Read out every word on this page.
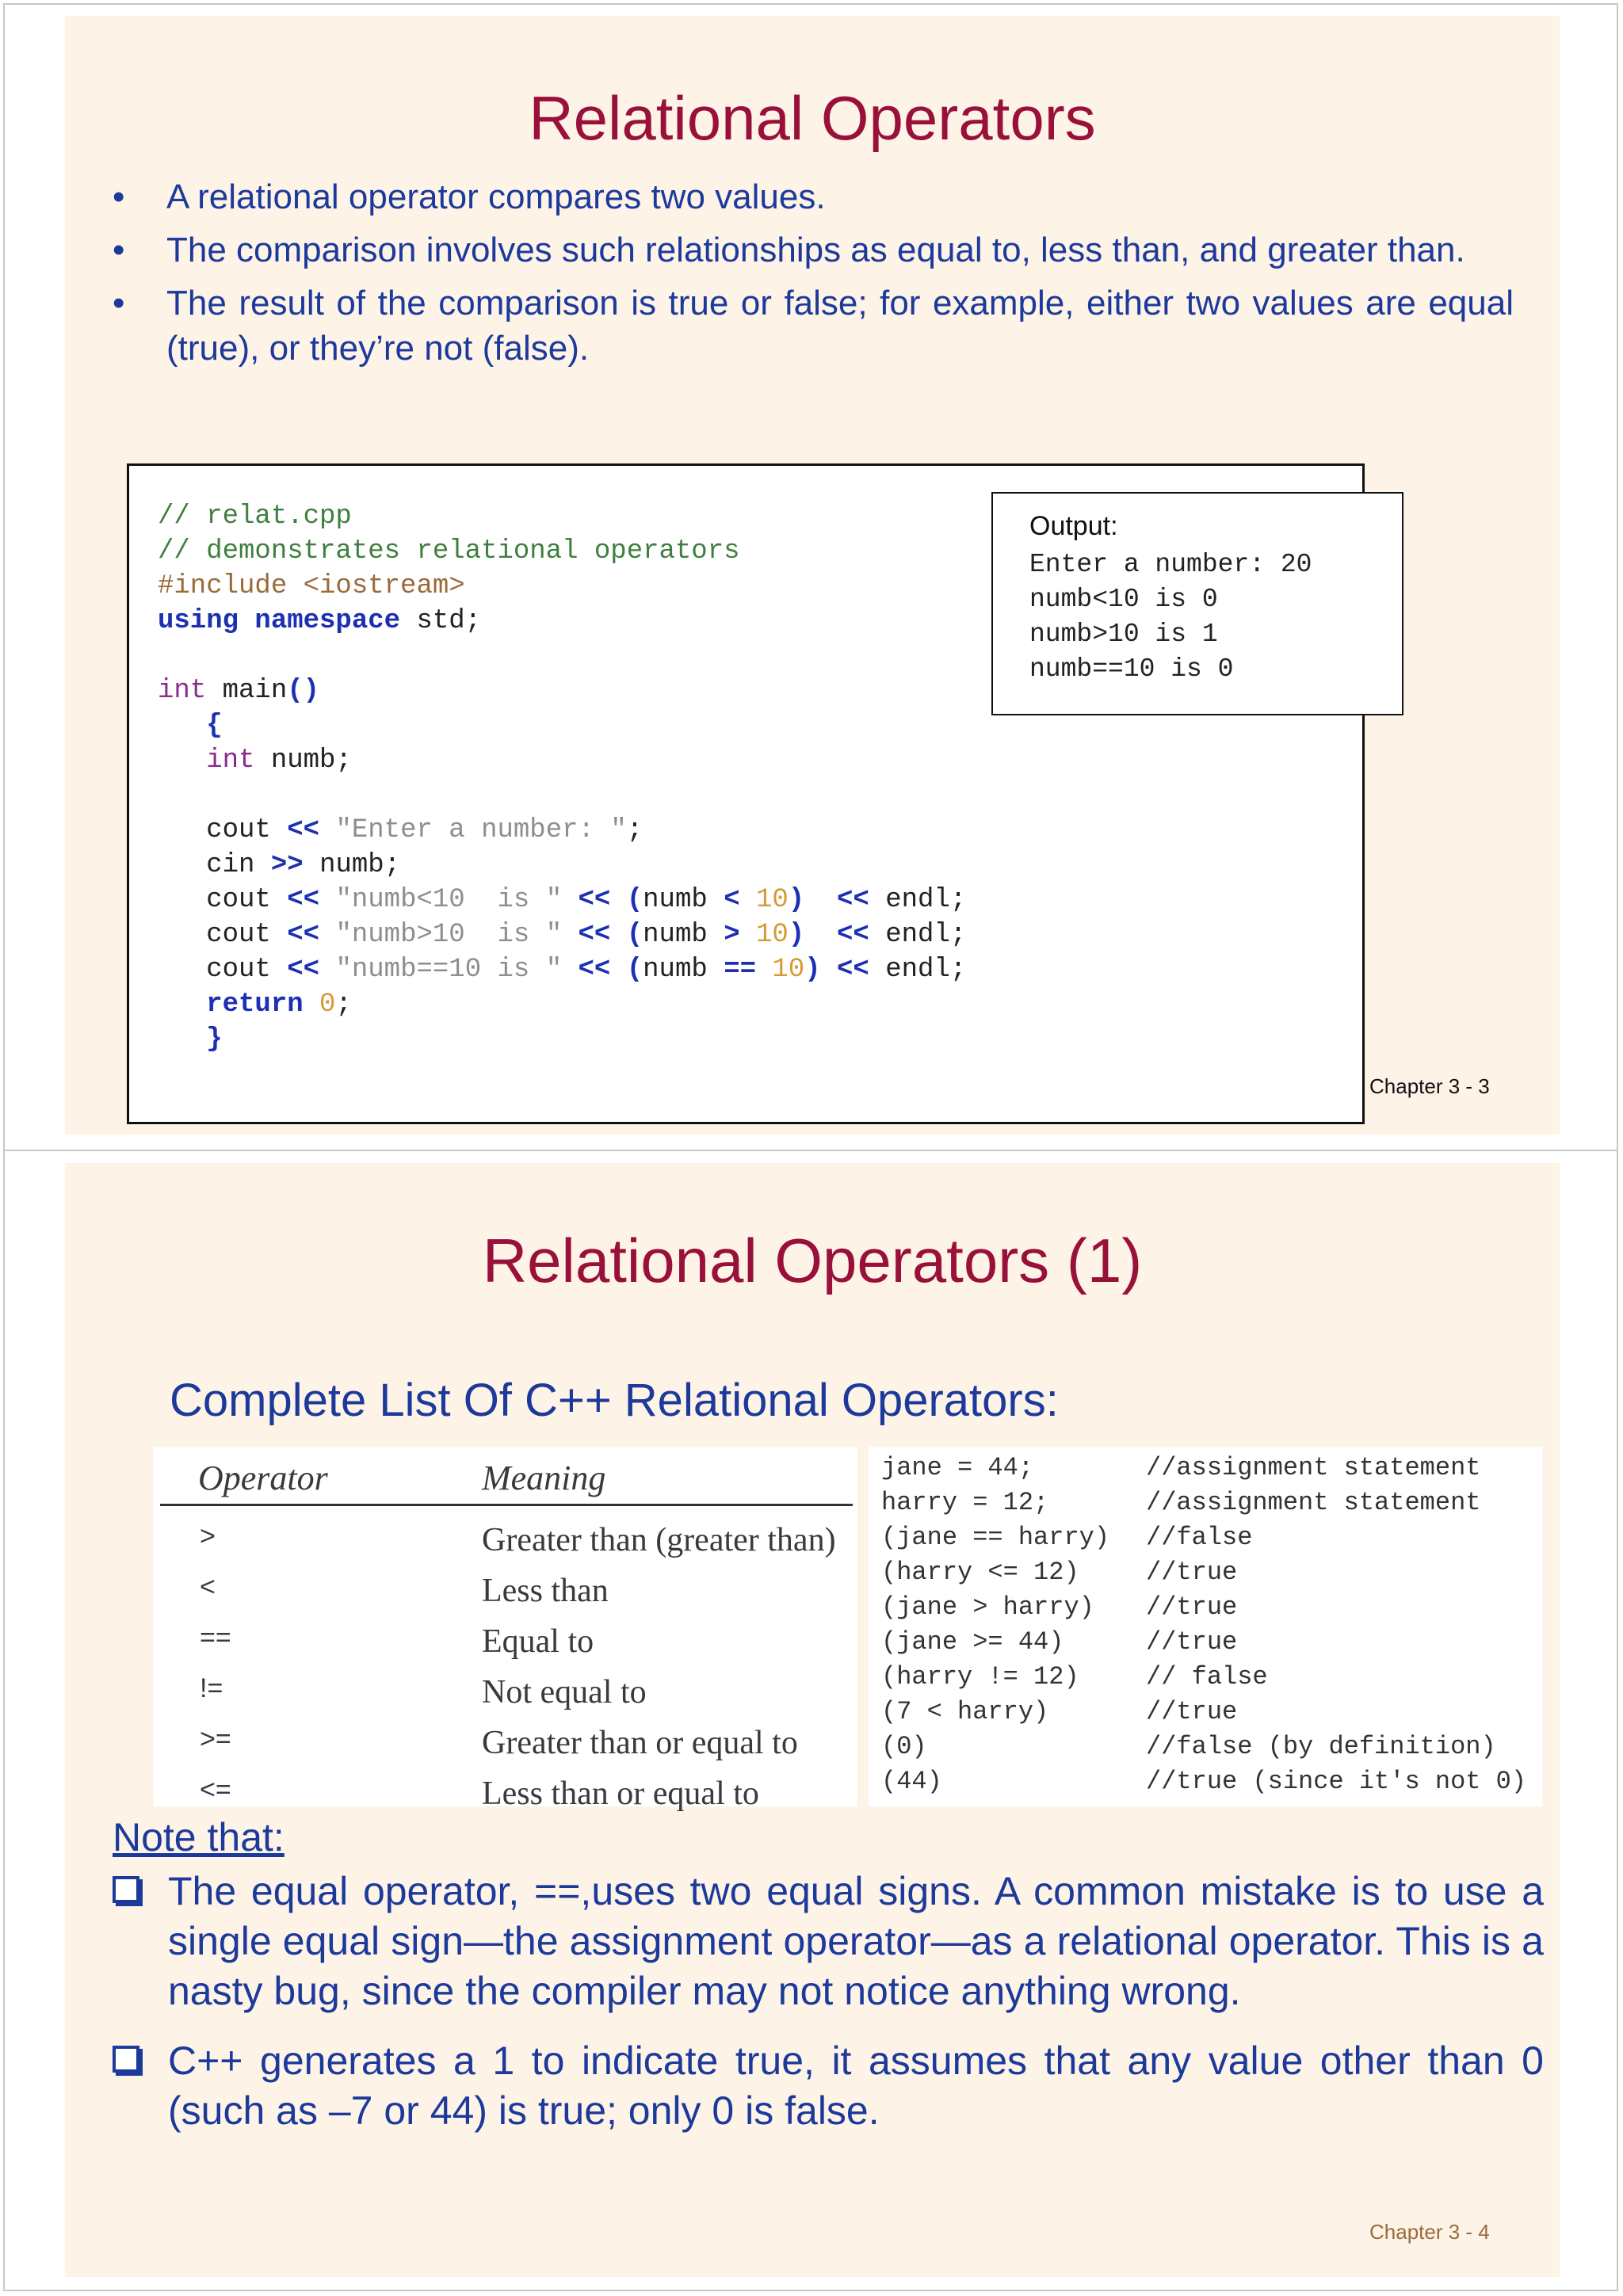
Relational Operators
• A relational operator compares two values.
• The comparison involves such relationships as equal to, less than, and greater than.
• The result of the comparison is true or false; for example, either two values are equal (true), or they’re not (false).
// relat.cpp
// demonstrates relational operators
#include <iostream>
using namespace std;

int main()
{
int numb;

cout << "Enter a number: ";
cin >> numb;
cout << "numb<10  is " << (numb < 10) << endl;
cout << "numb>10  is " << (numb > 10) << endl;
cout << "numb==10 is " << (numb == 10) << endl;
return 0;
}
Output:
Enter a number: 20
numb<10 is 0
numb>10 is 1
numb==10 is 0
Chapter 3 - 3
Relational Operators (1)
Complete List Of C++ Relational Operators:
Operator	Meaning
>	Greater than (greater than)
<	Less than
==	Equal to
!=	Not equal to
>=	Greater than or equal to
<=	Less than or equal to
jane = 44;	//assignment statement
harry = 12;	//assignment statement
(jane == harry) //false
(harry <= 12)	//true
(jane > harry) //true
(jane >= 44)	//true
(harry != 12)	// false
(7 < harry)	//true
(0)	//false (by definition)
(44)	//true (since it's not 0)
Note that:
The equal operator, ==,uses two equal signs. A common mistake is to use a single equal sign—the assignment operator—as a relational operator. This is a nasty bug, since the compiler may not notice anything wrong.
C++ generates a 1 to indicate true, it assumes that any value other than 0 (such as –7 or 44) is true; only 0 is false.
Chapter 3 - 4
